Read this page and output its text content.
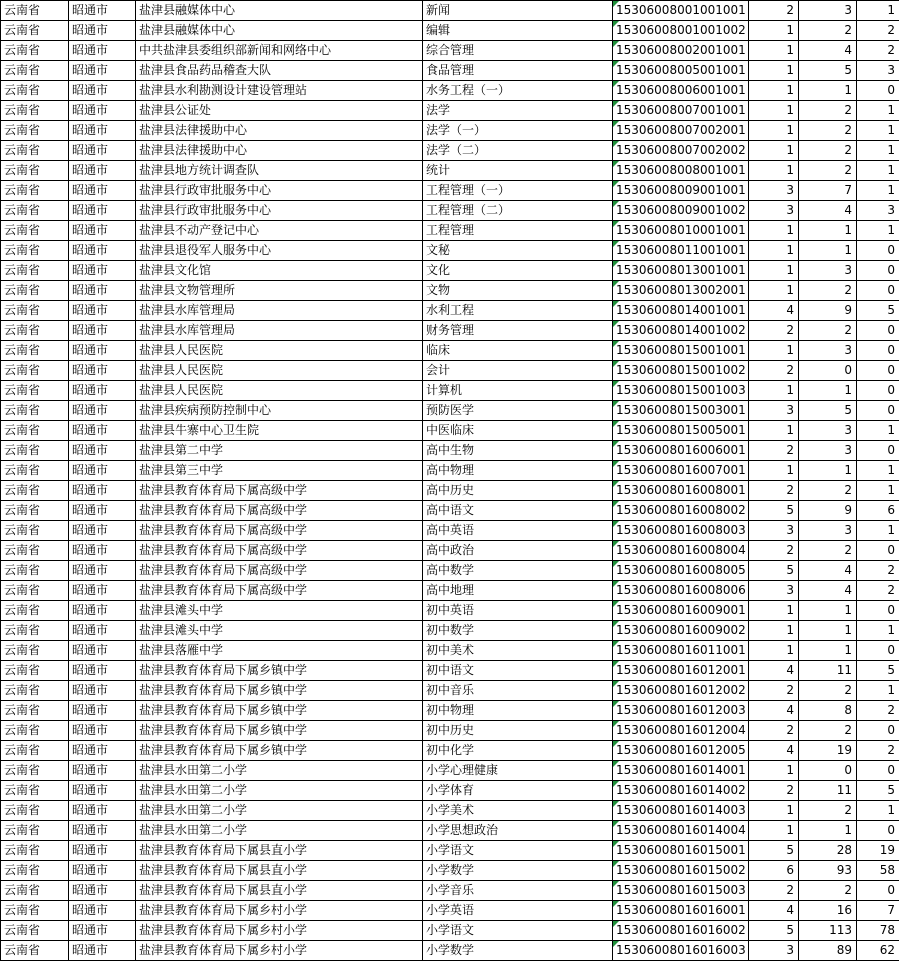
云南省	昭通市	盐津县融媒体中心	新闻	15306008001001001	2	3	1
云南省	昭通市	盐津县融媒体中心	编辑	15306008001001002	1	2	2
云南省	昭通市	中共盐津县委组织部新闻和网络中心	综合管理	15306008002001001	1	4	2
云南省	昭通市	盐津县食品药品稽查大队	食品管理	15306008005001001	1	5	3
云南省	昭通市	盐津县水利勘测设计建设管理站	水务工程（一）	15306008006001001	1	1	0
云南省	昭通市	盐津县公证处	法学	15306008007001001	1	2	1
云南省	昭通市	盐津县法律援助中心	法学（一）	15306008007002001	1	2	1
云南省	昭通市	盐津县法律援助中心	法学（二）	15306008007002002	1	2	1
云南省	昭通市	盐津县地方统计调查队	统计	15306008008001001	1	2	1
云南省	昭通市	盐津县行政审批服务中心	工程管理（一）	15306008009001001	3	7	1
云南省	昭通市	盐津县行政审批服务中心	工程管理（二）	15306008009001002	3	4	3
云南省	昭通市	盐津县不动产登记中心	工程管理	15306008010001001	1	1	1
云南省	昭通市	盐津县退役军人服务中心	文秘	15306008011001001	1	1	0
云南省	昭通市	盐津县文化馆	文化	15306008013001001	1	3	0
云南省	昭通市	盐津县文物管理所	文物	15306008013002001	1	2	0
云南省	昭通市	盐津县水库管理局	水利工程	15306008014001001	4	9	5
云南省	昭通市	盐津县水库管理局	财务管理	15306008014001002	2	2	0
云南省	昭通市	盐津县人民医院	临床	15306008015001001	1	3	0
云南省	昭通市	盐津县人民医院	会计	15306008015001002	2	0	0
云南省	昭通市	盐津县人民医院	计算机	15306008015001003	1	1	0
云南省	昭通市	盐津县疾病预防控制中心	预防医学	15306008015003001	3	5	0
云南省	昭通市	盐津县牛寨中心卫生院	中医临床	15306008015005001	1	3	1
云南省	昭通市	盐津县第二中学	高中生物	15306008016006001	2	3	0
云南省	昭通市	盐津县第三中学	高中物理	15306008016007001	1	1	1
云南省	昭通市	盐津县教育体育局下属高级中学	高中历史	15306008016008001	2	2	1
云南省	昭通市	盐津县教育体育局下属高级中学	高中语文	15306008016008002	5	9	6
云南省	昭通市	盐津县教育体育局下属高级中学	高中英语	15306008016008003	3	3	1
云南省	昭通市	盐津县教育体育局下属高级中学	高中政治	15306008016008004	2	2	0
云南省	昭通市	盐津县教育体育局下属高级中学	高中数学	15306008016008005	5	4	2
云南省	昭通市	盐津县教育体育局下属高级中学	高中地理	15306008016008006	3	4	2
云南省	昭通市	盐津县滩头中学	初中英语	15306008016009001	1	1	0
云南省	昭通市	盐津县滩头中学	初中数学	15306008016009002	1	1	1
云南省	昭通市	盐津县落雁中学	初中美术	15306008016011001	1	1	0
云南省	昭通市	盐津县教育体育局下属乡镇中学	初中语文	15306008016012001	4	11	5
云南省	昭通市	盐津县教育体育局下属乡镇中学	初中音乐	15306008016012002	2	2	1
云南省	昭通市	盐津县教育体育局下属乡镇中学	初中物理	15306008016012003	4	8	2
云南省	昭通市	盐津县教育体育局下属乡镇中学	初中历史	15306008016012004	2	2	0
云南省	昭通市	盐津县教育体育局下属乡镇中学	初中化学	15306008016012005	4	19	2
云南省	昭通市	盐津县水田第二小学	小学心理健康	15306008016014001	1	0	0
云南省	昭通市	盐津县水田第二小学	小学体育	15306008016014002	2	11	5
云南省	昭通市	盐津县水田第二小学	小学美术	15306008016014003	1	2	1
云南省	昭通市	盐津县水田第二小学	小学思想政治	15306008016014004	1	1	0
云南省	昭通市	盐津县教育体育局下属县直小学	小学语文	15306008016015001	5	28	19
云南省	昭通市	盐津县教育体育局下属县直小学	小学数学	15306008016015002	6	93	58
云南省	昭通市	盐津县教育体育局下属县直小学	小学音乐	15306008016015003	2	2	0
云南省	昭通市	盐津县教育体育局下属乡村小学	小学英语	15306008016016001	4	16	7
云南省	昭通市	盐津县教育体育局下属乡村小学	小学语文	15306008016016002	5	113	78
云南省	昭通市	盐津县教育体育局下属乡村小学	小学数学	15306008016016003	3	89	62
